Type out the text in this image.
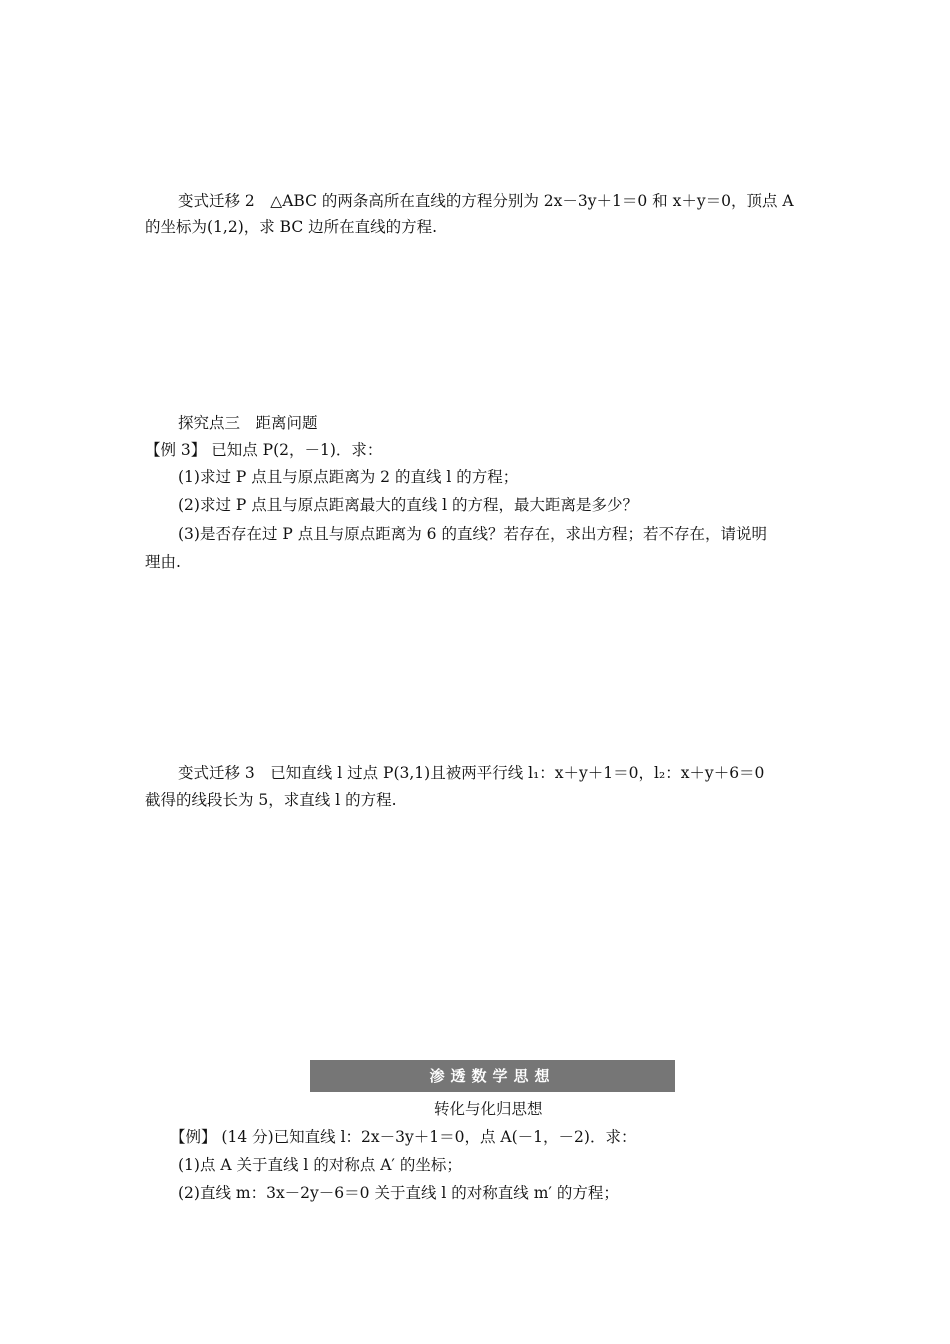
变式迁移 2　△ABC 的两条高所在直线的方程分别为 2x－3y＋1＝0 和 x＋y＝0，顶点 A
的坐标为(1,2)，求 BC 边所在直线的方程.
探究点三　距离问题
【例 3】 已知点 P(2，－1)．求：
(1)求过 P 点且与原点距离为 2 的直线 l 的方程；
(2)求过 P 点且与原点距离最大的直线 l 的方程，最大距离是多少？
(3)是否存在过 P 点且与原点距离为 6 的直线？若存在，求出方程；若不存在，请说明
理由.
变式迁移 3　已知直线 l 过点 P(3,1)且被两平行线 l₁：x＋y＋1＝0，l₂：x＋y＋6＝0
截得的线段长为 5，求直线 l 的方程.
渗透数学思想
转化与化归思想
【例】 (14 分)已知直线 l：2x－3y＋1＝0，点 A(－1，－2)．求：
(1)点 A 关于直线 l 的对称点 A′ 的坐标；
(2)直线 m：3x－2y－6＝0 关于直线 l 的对称直线 m′ 的方程；
